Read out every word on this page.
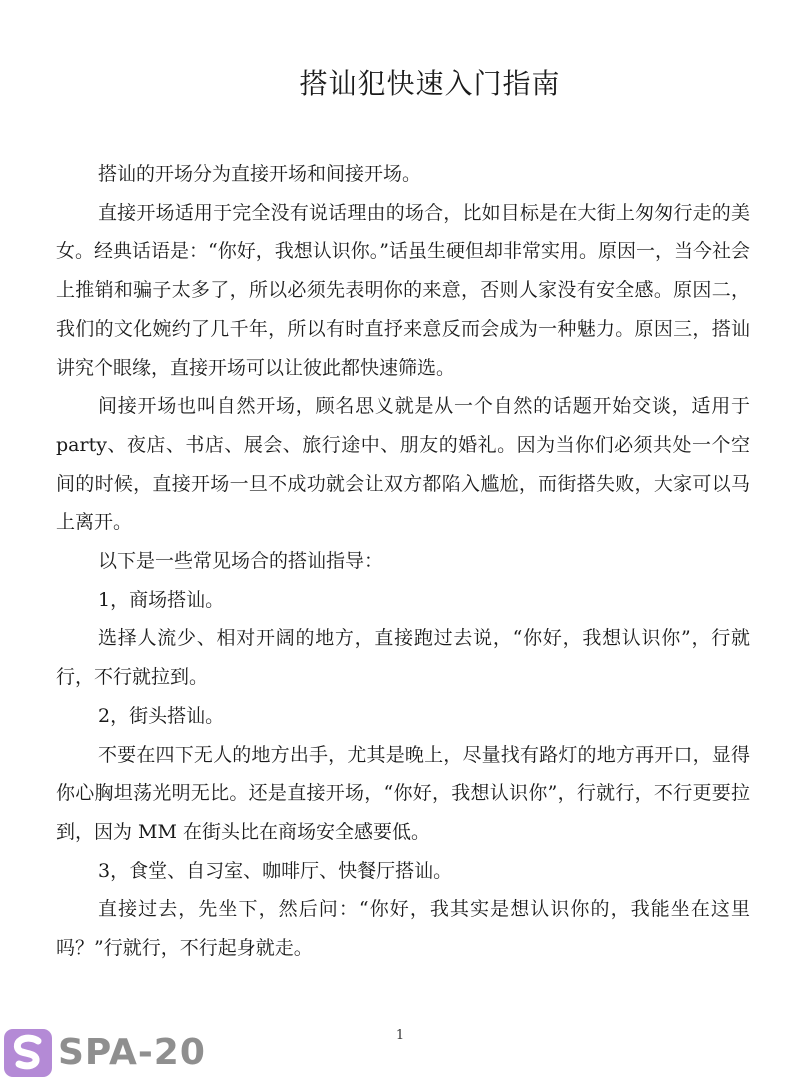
搭讪犯快速入门指南

搭讪的开场分为直接开场和间接开场。

直接开场适用于完全没有说话理由的场合，比如目标是在大街上匆匆行走的美女。经典话语是：“你好，我想认识你。”话虽生硬但却非常实用。原因一，当今社会上推销和骗子太多了，所以必须先表明你的来意，否则人家没有安全感。原因二，我们的文化婉约了几千年，所以有时直抒来意反而会成为一种魅力。原因三，搭讪讲究个眼缘，直接开场可以让彼此都快速筛选。

间接开场也叫自然开场，顾名思义就是从一个自然的话题开始交谈，适用于 party、夜店、书店、展会、旅行途中、朋友的婚礼。因为当你们必须共处一个空间的时候，直接开场一旦不成功就会让双方都陷入尴尬，而街搭失败，大家可以马上离开。

以下是一些常见场合的搭讪指导：

1，商场搭讪。

选择人流少、相对开阔的地方，直接跑过去说，“你好，我想认识你”，行就行，不行就拉到。

2，街头搭讪。

不要在四下无人的地方出手，尤其是晚上，尽量找有路灯的地方再开口，显得你心胸坦荡光明无比。还是直接开场，“你好，我想认识你”，行就行，不行更要拉到，因为 MM 在街头比在商场安全感要低。

3，食堂、自习室、咖啡厅、快餐厅搭讪。

直接过去，先坐下，然后问：“你好，我其实是想认识你的，我能坐在这里吗？”行就行，不行起身就走。

1
SPA-20
